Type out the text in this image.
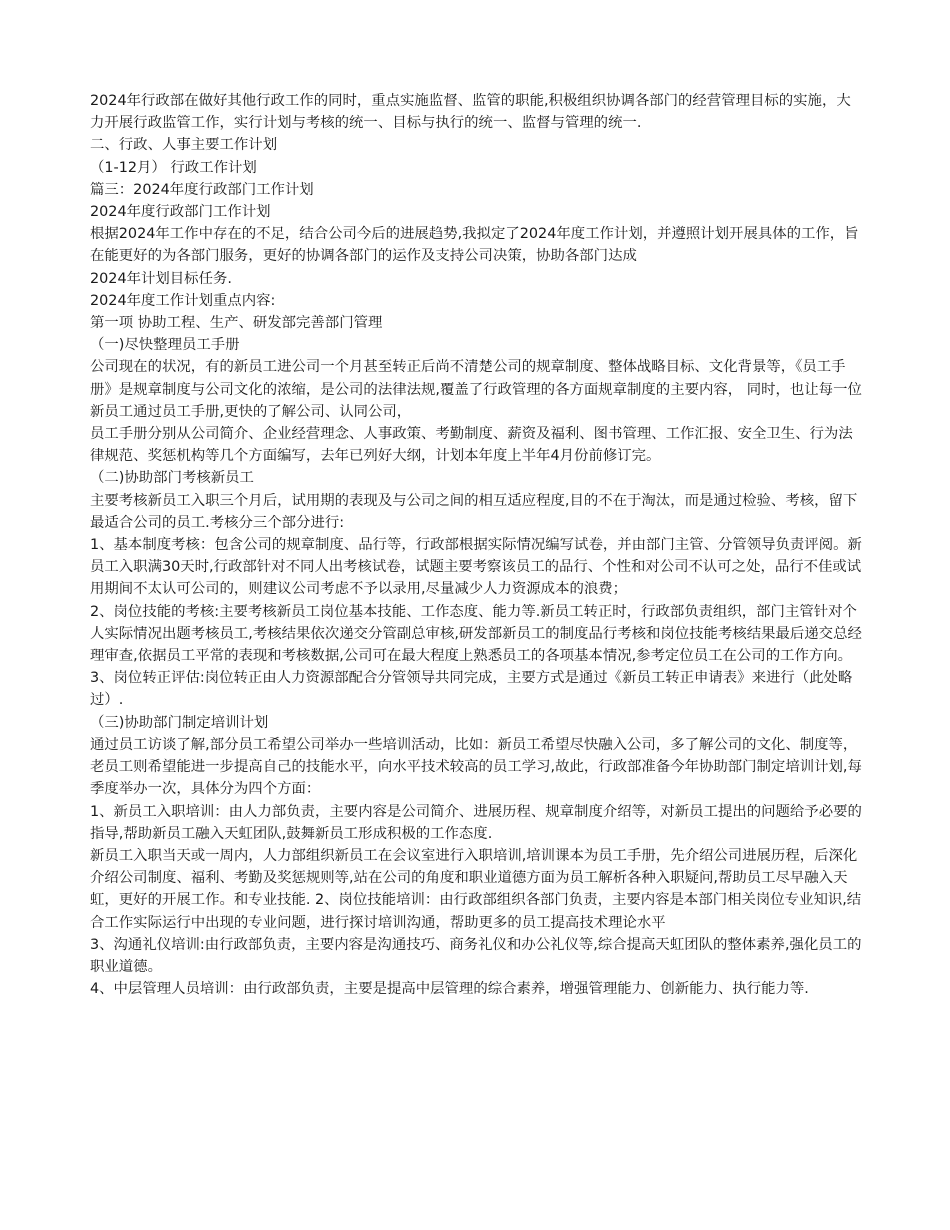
2024年行政部在做好其他行政工作的同时，重点实施监督、监管的职能,积极组织协调各部门的经营管理目标的实施，大力开展行政监管工作，实行计划与考核的统一、目标与执行的统一、监督与管理的统一.

二、行政、人事主要工作计划

（1-12月） 行政工作计划

篇三：2024年度行政部门工作计划

2024年度行政部门工作计划

根据2024年工作中存在的不足，结合公司今后的进展趋势,我拟定了2024年度工作计划，并遵照计划开展具体的工作，旨在能更好的为各部门服务，更好的协调各部门的运作及支持公司决策，协助各部门达成

2024年计划目标任务.

2024年度工作计划重点内容:

第一项 协助工程、生产、研发部完善部门管理

（一)尽快整理员工手册

公司现在的状况，有的新员工进公司一个月甚至转正后尚不清楚公司的规章制度、整体战略目标、文化背景等，《员工手册》是规章制度与公司文化的浓缩，是公司的法律法规,覆盖了行政管理的各方面规章制度的主要内容， 同时，也让每一位新员工通过员工手册,更快的了解公司、认同公司，

员工手册分别从公司简介、企业经营理念、人事政策、考勤制度、薪资及福利、图书管理、工作汇报、安全卫生、行为法律规范、奖惩机构等几个方面编写，去年已列好大纲，计划本年度上半年4月份前修订完。

（二)协助部门考核新员工

主要考核新员工入职三个月后，试用期的表现及与公司之间的相互适应程度,目的不在于淘汰，而是通过检验、考核，留下最适合公司的员工.考核分三个部分进行:

1、基本制度考核：包含公司的规章制度、品行等，行政部根据实际情况编写试卷，并由部门主管、分管领导负责评阅。新员工入职满30天时,行政部针对不同人出考核试卷，试题主要考察该员工的品行、个性和对公司不认可之处，品行不佳或试用期间不太认可公司的，则建议公司考虑不予以录用,尽量减少人力资源成本的浪费；

2、岗位技能的考核:主要考核新员工岗位基本技能、工作态度、能力等.新员工转正时，行政部负责组织，部门主管针对个人实际情况出题考核员工,考核结果依次递交分管副总审核,研发部新员工的制度品行考核和岗位技能考核结果最后递交总经理审查,依据员工平常的表现和考核数据,公司可在最大程度上熟悉员工的各项基本情况,参考定位员工在公司的工作方向。

3、岗位转正评估:岗位转正由人力资源部配合分管领导共同完成，主要方式是通过《新员工转正申请表》来进行（此处略过）.

（三)协助部门制定培训计划

通过员工访谈了解,部分员工希望公司举办一些培训活动，比如：新员工希望尽快融入公司，多了解公司的文化、制度等，老员工则希望能进一步提高自己的技能水平，向水平技术较高的员工学习,故此，行政部准备今年协助部门制定培训计划,每季度举办一次，具体分为四个方面：

1、新员工入职培训：由人力部负责，主要内容是公司简介、进展历程、规章制度介绍等，对新员工提出的问题给予必要的指导,帮助新员工融入天虹团队,鼓舞新员工形成积极的工作态度.

新员工入职当天或一周内，人力部组织新员工在会议室进行入职培训,培训课本为员工手册，先介绍公司进展历程，后深化介绍公司制度、福利、考勤及奖惩规则等,站在公司的角度和职业道德方面为员工解析各种入职疑问,帮助员工尽早融入天虹，更好的开展工作。和专业技能. 2、岗位技能培训：由行政部组织各部门负责，主要内容是本部门相关岗位专业知识,结合工作实际运行中出现的专业问题，进行探讨培训沟通，帮助更多的员工提高技术理论水平

3、沟通礼仪培训:由行政部负责，主要内容是沟通技巧、商务礼仪和办公礼仪等,综合提高天虹团队的整体素养,强化员工的职业道德。

4、中层管理人员培训：由行政部负责，主要是提高中层管理的综合素养，增强管理能力、创新能力、执行能力等.
